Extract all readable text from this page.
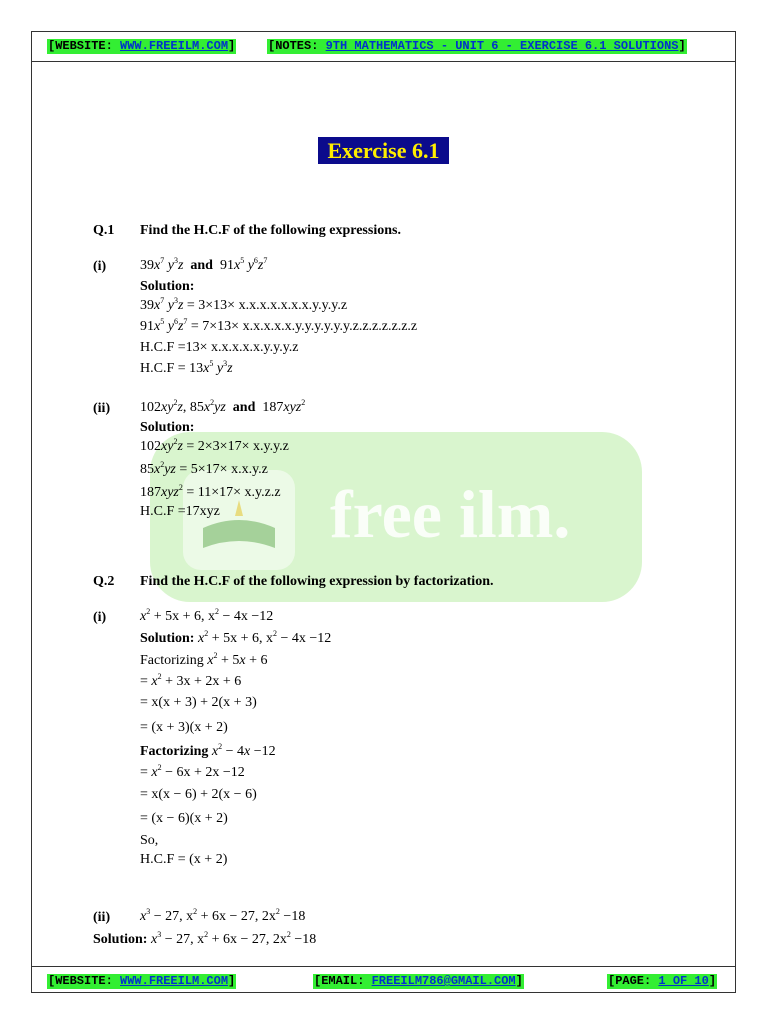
[WEBSITE: WWW.FREEILM.COM]	[NOTES: 9TH MATHEMATICS - UNIT 6 - EXERCISE 6.1 SOLUTIONS]
free ilm.
Exercise 6.1
Q.1 Find the H.C.F of the following expressions.
(i) $39x^7$ $y^3z$ and  $91x^5$ $y^6z^7$
Solution:
$39x^7$ $y^3z = 3\times 13\times x.x.x.x.x.x.x.y.y.y.z$
$91x^5$ $y^6z^7 = 7\times 13\times x.x.x.x.x.y.y.y.y.y.y.z.z.z.z.z.z.z$
H.C.F =13× x.x.x.x.x.y.y.y.z
$H.C.F = 13x^5$ $y^3z$
(ii) $102xy^2z$, $85x^2yz$ and  187xyz$^2$
Solution:
$102xy^2z = 2\times 3\times 17\times x.y.y.z$
$85x^2yz = 5\times 17\times x.x.y.z$
187xyz$^2$ = 11×17× x.y.z.z
H.C.F =17xyz
Q.2 Find the H.C.F of the following expression by factorization.
(i) $x^2 + 5x + 6$, $x^2 - 4x -12$
Solution: $x^2 + 5x + 6$, $x^2 - 4x -12$
Factorizing $x^2 + 5x + 6$
= $x^2 + 3x + 2x + 6$
= x(x + 3) + 2(x + 3)
= (x + 3)(x + 2)
Factorizing $x^2 - 4x -12$
= $x^2 - 6x + 2x -12$
= x(x − 6) + 2(x − 6)
= (x − 6)(x + 2)
So,
H.C.F = (x + 2)
(ii) $x^3 - 27$, $x^2 + 6x - 27$, $2x^2 -18$
Solution: $x^3 - 27$, $x^2 + 6x - 27$, $2x^2 -18$
[WEBSITE: WWW.FREEILM.COM]	[EMAIL: FREEILM786@GMAIL.COM]	[PAGE: 1 OF 10]
